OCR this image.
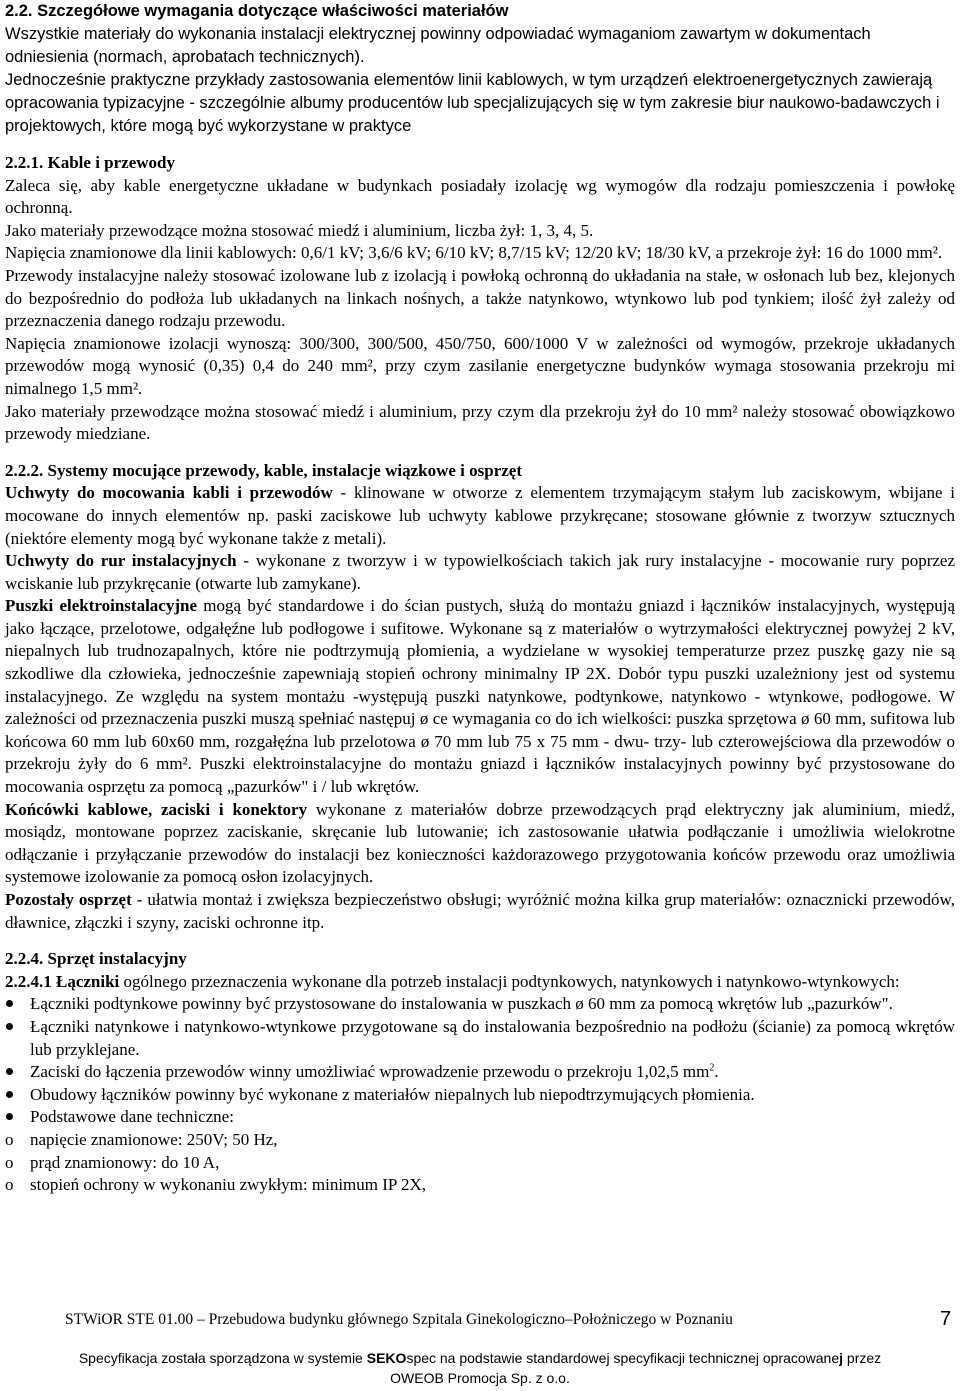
2.2. Szczegółowe wymagania dotyczące właściwości materiałów

Wszystkie materiały do wykonania instalacji elektrycznej powinny odpowiadać wymaganiom zawartym w dokumentach odniesienia (normach, aprobatach technicznych).

Jednocześnie praktyczne przykłady zastosowania elementów linii kablowych, w tym urządzeń elektroenergetycznych zawierają opracowania typizacyjne - szczególnie albumy producentów lub specjalizujących się w tym zakresie biur naukowo-badawczych i projektowych, które mogą być wykorzystane w praktyce

2.2.1. Kable i przewody

Zaleca się, aby kable energetyczne układane w budynkach posiadały izolację wg wymogów dla rodzaju pomieszczenia i powłokę ochronną.

Jako materiały przewodzące można stosować miedź i aluminium, liczba żył: 1, 3, 4, 5.

Napięcia znamionowe dla linii kablowych: 0,6/1 kV; 3,6/6 kV; 6/10 kV; 8,7/15 kV; 12/20 kV; 18/30 kV, a przekroje żył: 16 do 1000 mm².

Przewody instalacyjne należy stosować izolowane lub z izolacją i powłoką ochronną do układania na stałe, w osłonach lub bez, klejonych do bezpośrednio do podłoża lub układanych na linkach nośnych, a także natynkowo, wtynkowo lub pod tynkiem; ilość żył zależy od przeznaczenia danego rodzaju przewodu.

Napięcia znamionowe izolacji wynoszą: 300/300, 300/500, 450/750, 600/1000 V w zależności od wymogów, przekroje układanych przewodów mogą wynosić (0,35) 0,4 do 240 mm², przy czym zasilanie energetyczne budynków wymaga stosowania przekroju mi nimalnego 1,5 mm².

Jako materiały przewodzące można stosować miedź i aluminium, przy czym dla przekroju żył do 10 mm² należy stosować obowiązkowo przewody miedziane.

2.2.2. Systemy mocujące przewody, kable, instalacje wiązkowe i osprzęt

Uchwyty do mocowania kabli i przewodów - klinowane w otworze z elementem trzymającym stałym lub zaciskowym, wbijane i mocowane do innych elementów np. paski zaciskowe lub uchwyty kablowe przykręcane; stosowane głównie z tworzyw sztucznych (niektóre elementy mogą być wykonane także z metali).

Uchwyty do rur instalacyjnych - wykonane z tworzyw i w typowielkościach takich jak rury instalacyjne - mocowanie rury poprzez wciskanie lub przykręcanie (otwarte lub zamykane).

Puszki elektroinstalacyjne mogą być standardowe i do ścian pustych, służą do montażu gniazd i łączników instalacyjnych, występują jako łączące, przelotowe, odgałęźne lub podłogowe i sufitowe. Wykonane są z materiałów o wytrzymałości elektrycznej powyżej 2 kV, niepalnych lub trudnozapalnych, które nie podtrzymują płomienia, a wydzielane w wysokiej temperaturze przez puszkę gazy nie są szkodliwe dla człowieka, jednocześnie zapewniają stopień ochrony minimalny IP 2X. Dobór typu puszki uzależniony jest od systemu instalacyjnego. Ze względu na system montażu -występują puszki natynkowe, podtynkowe, natynkowo - wtynkowe, podłogowe. W zależności od przeznaczenia puszki muszą spełniać następuj ø ce wymagania co do ich wielkości: puszka sprzętowa ø 60 mm, sufitowa lub końcowa 60 mm lub 60x60 mm, rozgałęźna lub przelotowa ø 70 mm lub 75 x 75 mm - dwu- trzy- lub czterowejściowa dla przewodów o przekroju żyły do 6 mm². Puszki elektroinstalacyjne do montażu gniazd i łączników instalacyjnych powinny być przystosowane do mocowania osprzętu za pomocą „pazurków" i / lub wkrętów.

Końcówki kablowe, zaciski i konektory wykonane z materiałów dobrze przewodzących prąd elektryczny jak aluminium, miedź, mosiądz, montowane poprzez zaciskanie, skręcanie lub lutowanie; ich zastosowanie ułatwia podłączanie i umożliwia wielokrotne odłączanie i przyłączanie przewodów do instalacji bez konieczności każdorazowego przygotowania końców przewodu oraz umożliwia systemowe izolowanie za pomocą osłon izolacyjnych.

Pozostały osprzęt - ułatwia montaż i zwiększa bezpieczeństwo obsługi; wyróżnić można kilka grup materiałów: oznacznicki przewodów, dławnice, złączki i szyny, zaciski ochronne itp.

2.2.4. Sprzęt instalacyjny

2.2.4.1 Łączniki ogólnego przeznaczenia wykonane dla potrzeb instalacji podtynkowych, natynkowych i natynkowo-wtynkowych:

Łączniki podtynkowe powinny być przystosowane do instalowania w puszkach ø 60 mm za pomocą wkrętów lub „pazurków".
Łączniki natynkowe i natynkowo-wtynkowe przygotowane są do instalowania bezpośrednio na podłożu (ścianie) za pomocą wkrętów lub przyklejane.
Zaciski do łączenia przewodów winny umożliwiać wprowadzenie przewodu o przekroju 1,02,5 $mm^2$.
Obudowy łączników powinny być wykonane z materiałów niepalnych lub niepodtrzymujących płomienia.
Podstawowe dane techniczne:
o napięcie znamionowe: 250V; 50 Hz,
o prąd znamionowy: do 10 A,
o stopień ochrony w wykonaniu zwykłym: minimum IP 2X,
STWiOR STE 01.00 – Przebudowa budynku głównego Szpitala Ginekologiczno–Położniczego w Poznaniu	7
Specyfikacja została sporządzona w systemie SEKOspec na podstawie standardowej specyfikacji technicznej opracowanej przez
OWEOB Promocja Sp. z o.o.
